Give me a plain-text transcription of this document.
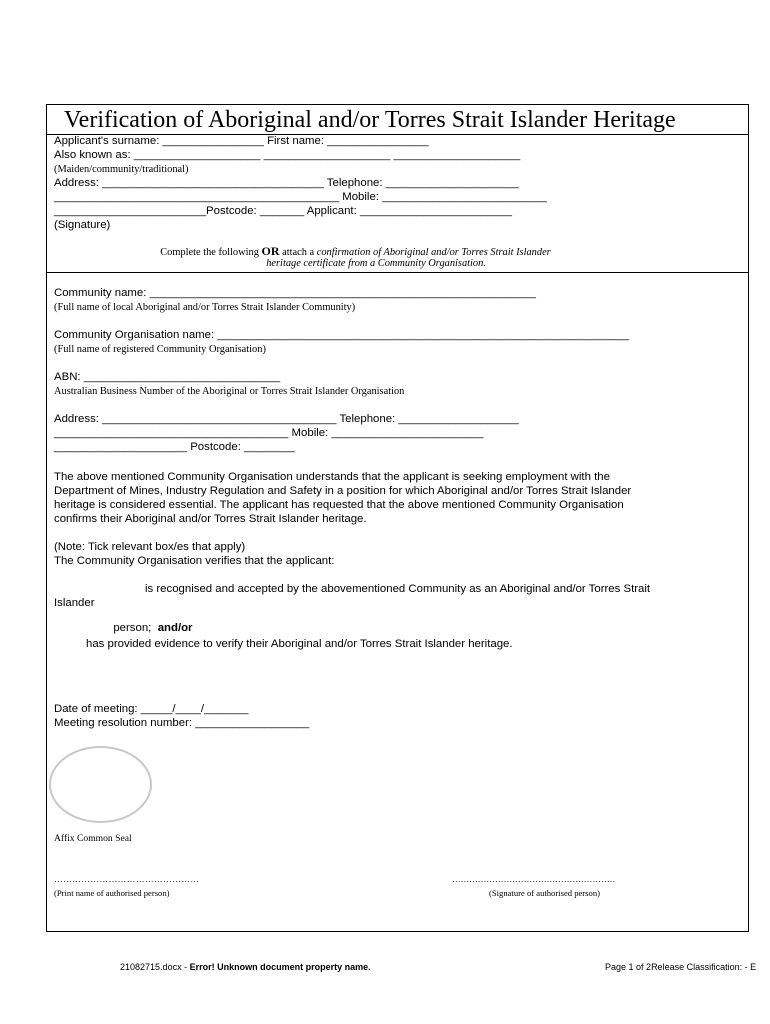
Verification of Aboriginal and/or Torres Strait Islander Heritage
Applicant's surname: ________________ First name: ________________
Also known as: ____________________ ____________________ ____________________
(Maiden/community/traditional)
Address: ___________________________________ Telephone: _____________________
_____________________________________________ Mobile: __________________________
________________________Postcode: _______ Applicant: ________________________
(Signature)

Complete the following OR attach a confirmation of Aboriginal and/or Torres Strait Islander

heritage certificate from a Community Organisation.

Community name: _____________________________________________________________
(Full name of local Aboriginal and/or Torres Strait Islander Community)
Community Organisation name: _________________________________________________________________
(Full name of registered Community Organisation)
ABN: _______________________________
Australian Business Number of the Aboriginal or Torres Strait Islander Organisation
Address: _____________________________________ Telephone: ___________________
_____________________________________ Mobile: ________________________
_____________________ Postcode: ________
The above mentioned Community Organisation understands that the applicant is seeking employment with the
Department of Mines, Industry Regulation and Safety in a position for which Aboriginal and/or Torres Strait Islander
heritage is considered essential. The applicant has requested that the above mentioned Community Organisation
confirms their Aboriginal and/or Torres Strait Islander heritage.
(Note: Tick relevant box/es that apply)
The Community Organisation verifies that the applicant:
is recognised and accepted by the abovementioned Community as an Aboriginal and/or Torres Strait
Islander

person; and/or

has provided evidence to verify their Aboriginal and/or Torres Strait Islander heritage.
Date of meeting: _____/____/_______
Meeting resolution number: __________________
Affix Common Seal
…………………………………………
(Print name of authorised person)
…………………………………………………
(Signature of authorised person)

21082715.docx - Error! Unknown document property name.	Page 1 of 2Release Classification: - E
